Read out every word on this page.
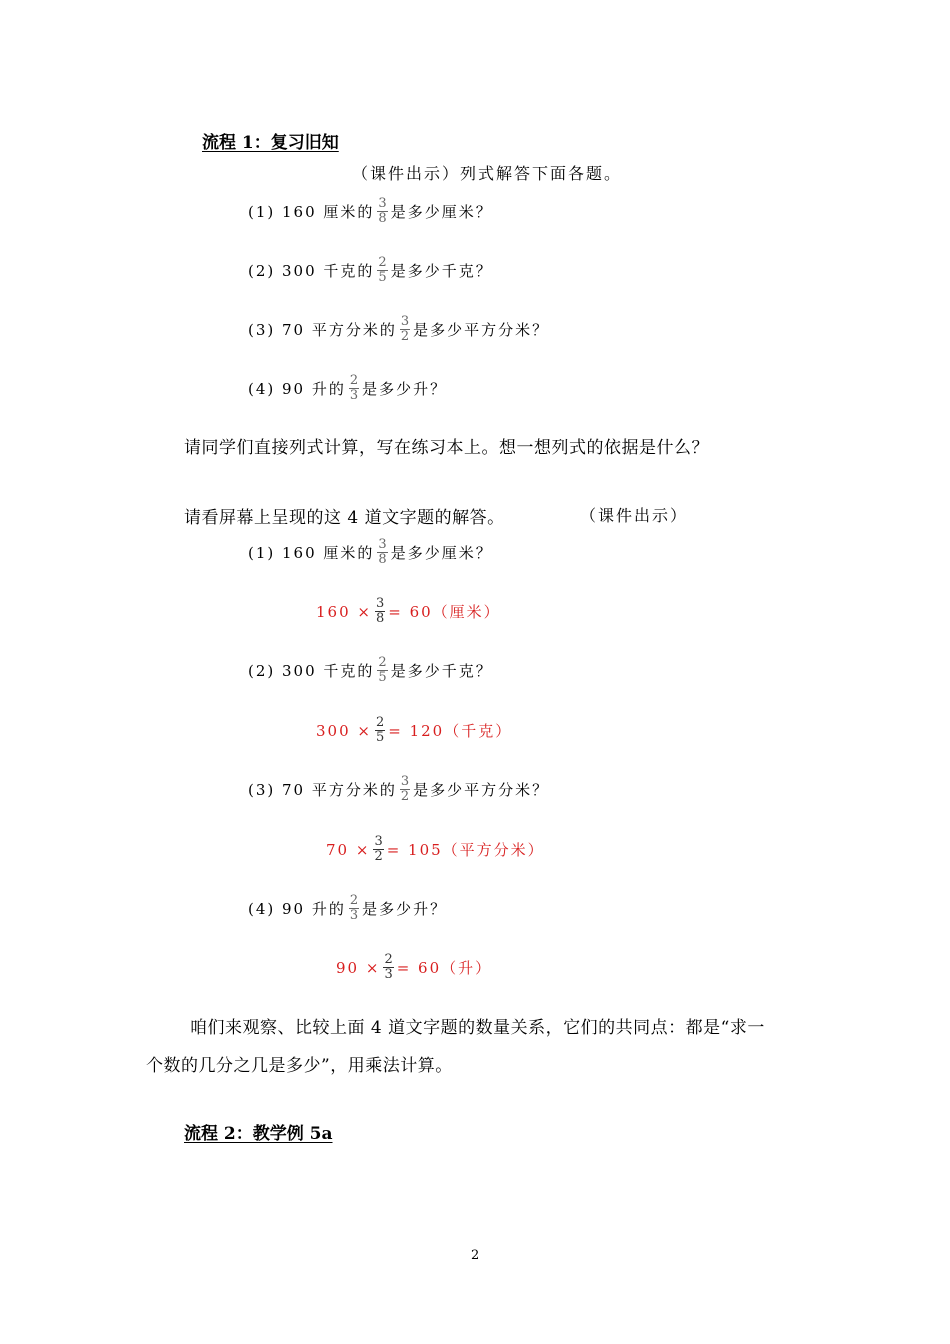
流程 1：复习旧知
（课件出示）列式解答下面各题。
(1) 160 厘米的 $\frac{3}{8}$ 是多少厘米？
(2) 300 千克的 $\frac{2}{5}$ 是多少千克？
(3) 70 平方分米的 $\frac{3}{2}$ 是多少平方分米？
(4) 90 升的 $\frac{2}{3}$ 是多少升？
请同学们直接列式计算，写在练习本上。想一想列式的依据是什么？
请看屏幕上呈现的这 4 道文字题的解答。	（课件出示）
(1) 160 厘米的 $\frac{3}{8}$ 是多少厘米？
$160 \times \frac{3}{8} = 60$（厘米）
(2) 300 千克的 $\frac{2}{5}$ 是多少千克？
$300 \times \frac{2}{5} = 120$（千克）
(3) 70 平方分米的 $\frac{3}{2}$ 是多少平方分米？
$70 \times \frac{3}{2} = 105$（平方分米）
(4) 90 升的 $\frac{2}{3}$ 是多少升？
$90 \times \frac{2}{3} = 60$（升）
咱们来观察、比较上面 4 道文字题的数量关系，它们的共同点：都是“求一
个数的几分之几是多少”，用乘法计算。
流程 2：教学例 5a
2
